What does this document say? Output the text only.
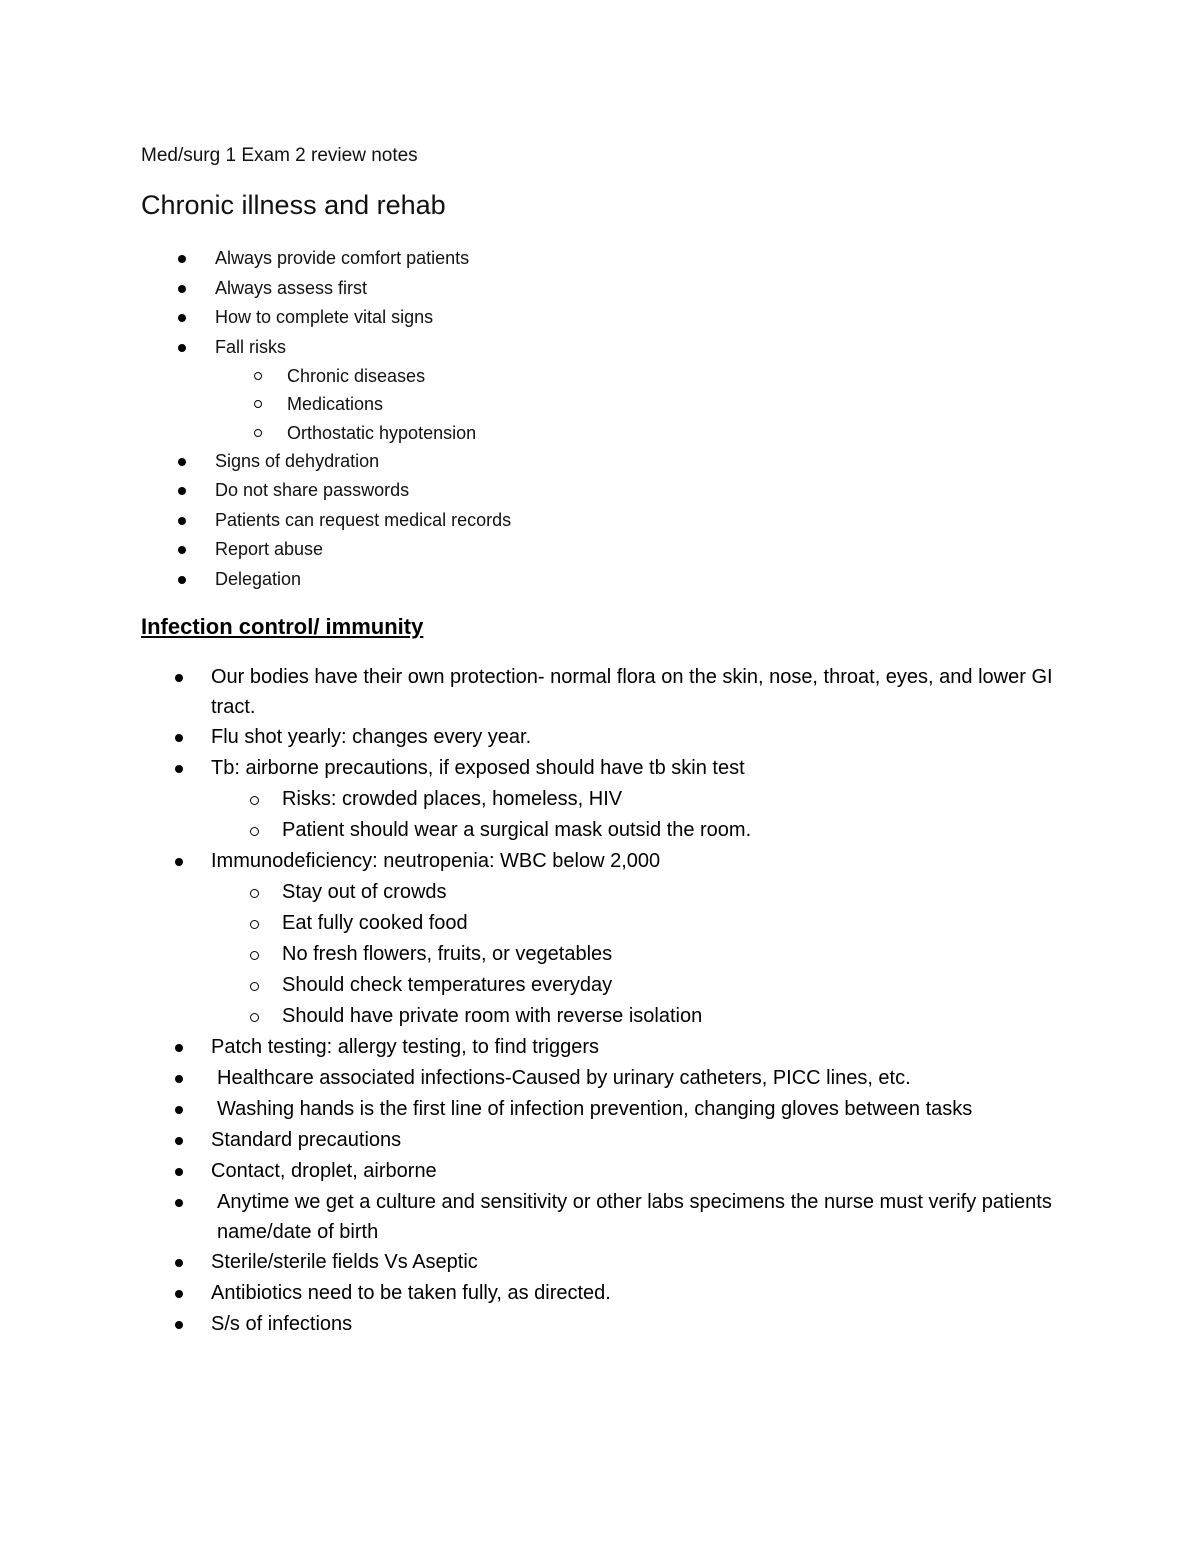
Med/surg 1 Exam 2 review notes
Chronic illness and rehab
Always provide comfort patients
Always assess first
How to complete vital signs
Fall risks
Chronic diseases
Medications
Orthostatic hypotension
Signs of dehydration
Do not share passwords
Patients can request medical records
Report abuse
Delegation
Infection control/ immunity
Our bodies have their own protection- normal flora on the skin, nose, throat, eyes, and lower GI tract.
Flu shot yearly: changes every year.
Tb: airborne precautions, if exposed should have tb skin test
Risks: crowded places, homeless, HIV
Patient should wear a surgical mask outsid the room.
Immunodeficiency: neutropenia: WBC below 2,000
Stay out of crowds
Eat fully cooked food
No fresh flowers, fruits, or vegetables
Should check temperatures everyday
Should have private room with reverse isolation
Patch testing: allergy testing, to find triggers
Healthcare associated infections-Caused by urinary catheters, PICC lines, etc.
Washing hands is the first line of infection prevention, changing gloves between tasks
Standard precautions
Contact, droplet, airborne
Anytime we get a culture and sensitivity or other labs specimens the nurse must verify patients name/date of birth
Sterile/sterile fields Vs Aseptic
Antibiotics need to be taken fully, as directed.
S/s of infections
